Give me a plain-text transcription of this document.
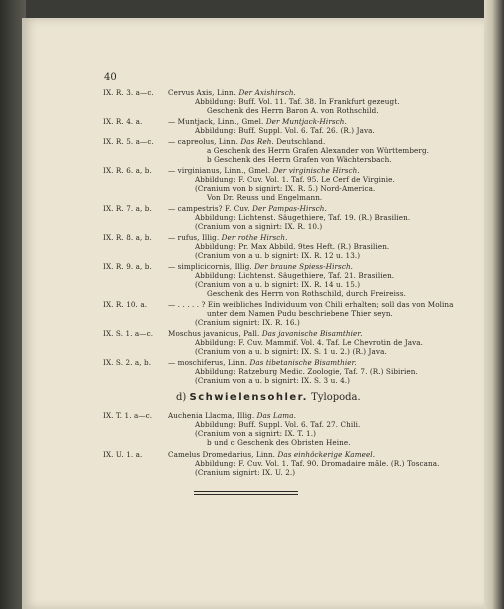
40
IX. R. 3. a—c. Cervus Axis, Linn. Der Axishirsch.
Abbildung: Buff. Vol. 11. Taf. 38. In Frankfurt gezeugt.
Geschenk des Herrn Baron A. von Rothschild.
IX. R. 4. a.	— Muntjack, Linn., Gmel. Der Muntjack-Hirsch.
Abbildung: Buff. Suppl. Vol. 6. Taf. 26. (R.) Java.
IX. R. 5. a—c. — capreolus, Linn. Das Reh. Deutschland.
a Geschenk des Herrn Grafen Alexander von Württemberg.
b Geschenk des Herrn Grafen von Wächtersbach.
IX. R. 6. a, b. — virginianus, Linn., Gmel. Der virginische Hirsch.
Abbildung: F. Cuv. Vol. 1. Taf. 95. Le Cerf de Virginie.
(Cranium von b signirt: IX. R. 5.) Nord-America.
Von Dr. Reuss und Engelmann.
IX. R. 7. a, b. — campestris? F. Cuv. Der Pampas-Hirsch.
Abbildung: Lichtenst. Säugethiere, Taf. 19. (R.) Brasilien.
(Cranium von a signirt: IX. R. 10.)
IX. R. 8. a, b. — rufus, Illig. Der rothe Hirsch.
Abbildung: Pr. Max Abbild. 9tes Heft. (R.) Brasilien.
(Cranium von a u. b signirt: IX. R. 12 u. 13.)
IX. R. 9. a, b. — simplicicornis, Illig. Der braune Spiess-Hirsch.
Abbildung: Lichtenst. Säugethiere, Taf. 21. Brasilien.
(Cranium von a u. b signirt: IX. R. 14 u. 15.)
Geschenk des Herrn von Rothschild, durch Freireiss.
IX. R. 10. a.	— . . . . . ? Ein weibliches Individuum von Chili erhalten; soll das von Molina
unter dem Namen Pudu beschriebene Thier seyn.
(Cranium signirt: IX. R. 16.)
IX. S. 1. a—c. Moschus javanicus, Pall. Das javanische Bisamthier.
Abbildung: F. Cuv. Mammif. Vol. 4. Taf. Le Chevrotin de Java.
(Cranium von a u. b signirt: IX. S. 1 u. 2.) (R.) Java.
IX. S. 2. a, b. — moschiferus, Linn. Das tibetanische Bisamthier.
Abbildung: Ratzeburg Medic. Zoologie, Taf. 7. (R.) Sibirien.
(Cranium von a u. b signirt: IX. S. 3 u. 4.)
IX. T. 1. a—c. Auchenia Llacma, Illig. Das Lama.
Abbildung: Buff. Suppl. Vol. 6. Taf. 27. Chili.
(Cranium von a signirt: IX. T. 1.)
b und c Geschenk des Obristen Heine.
IX. U. 1. a.	Camelus Dromedarius, Linn. Das einhöckerige Kameel.
Abbildung: F. Cuv. Vol. 1. Taf. 90. Dromadaire mâle. (R.) Toscana.
(Cranium signirt: IX. U. 2.)
d) Schwielensohler. Tylopoda.
